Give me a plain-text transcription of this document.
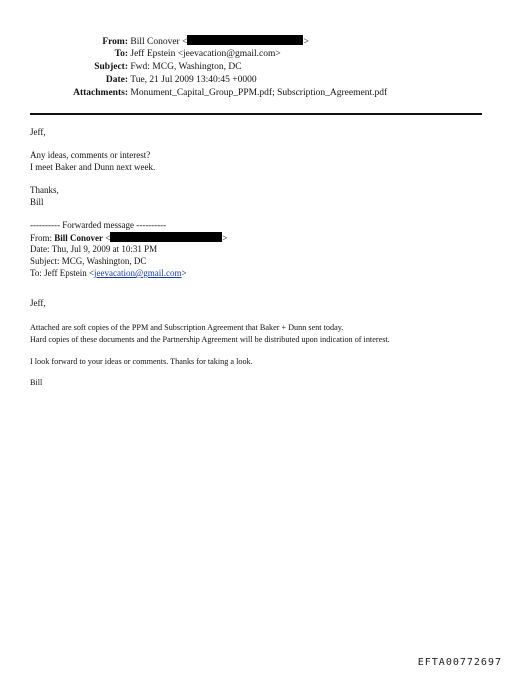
From: Bill Conover <	>
To: Jeff Epstein <jeevacation@gmail.com>
Subject: Fwd: MCG, Washington, DC
Date: Tue, 21 Jul 2009 13:40:45 +0000
Attachments: Monument_Capital_Group_PPM.pdf; Subscription_Agreement.pdf
Jeff,
Any ideas, comments or interest?
I meet Baker and Dunn next week.
Thanks,
Bill
---------- Forwarded message ----------
From: Bill Conover <	>
Date: Thu, Jul 9, 2009 at 10:31 PM
Subject: MCG, Washington, DC
To: Jeff Epstein <jeevacation@gmail.com>
Jeff,
Attached are soft copies of the PPM and Subscription Agreement that Baker + Dunn sent today.
Hard copies of these documents and the Partnership Agreement will be distributed upon indication of interest.
I look forward to your ideas or comments. Thanks for taking a look.
Bill
EFTA00772697
